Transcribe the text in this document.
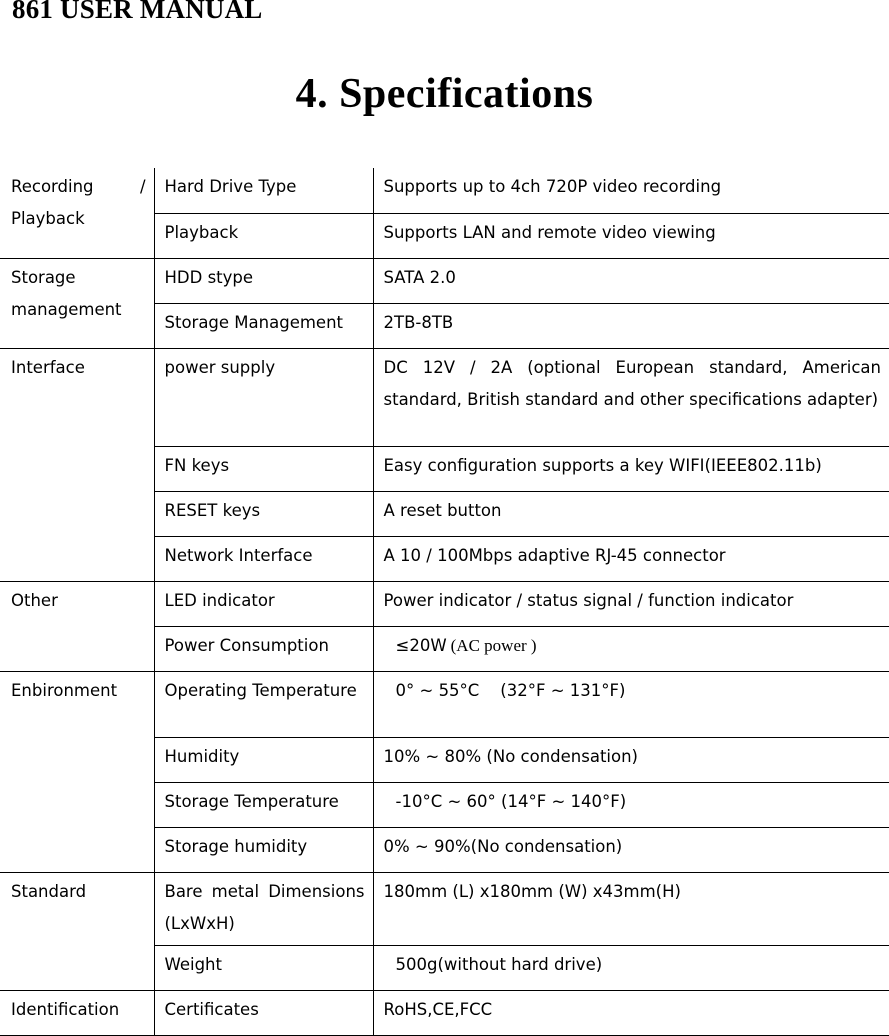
861 USER MANUAL
4. Specifications
Recording / Playback	Hard Drive Type	Supports up to 4ch 720P video recording
	Playback	Supports LAN and remote video viewing
Storage management	HDD stype	SATA 2.0
	Storage Management	2TB-8TB
Interface	power supply	DC 12V / 2A (optional European standard, American standard, British standard and other specifications adapter)
	FN keys	Easy configuration supports a key WIFI(IEEE802.11b)
	RESET keys	A reset button
	Network Interface	A 10 / 100Mbps adaptive RJ-45 connector
Other	LED indicator	Power indicator / status signal / function indicator
	Power Consumption	≤20W (AC power )
Enbironment	Operating Temperature	0° ~ 55°C    (32°F ~ 131°F)
	Humidity	10% ~ 80% (No condensation)
	Storage Temperature	-10°C ~ 60° (14°F ~ 140°F)
	Storage humidity	0% ~ 90%(No condensation)
Standard	Bare metal Dimensions (LxWxH)	180mm (L) x180mm (W) x43mm(H)
	Weight	500g(without hard drive)
Identification	Certificates	RoHS,CE,FCC
